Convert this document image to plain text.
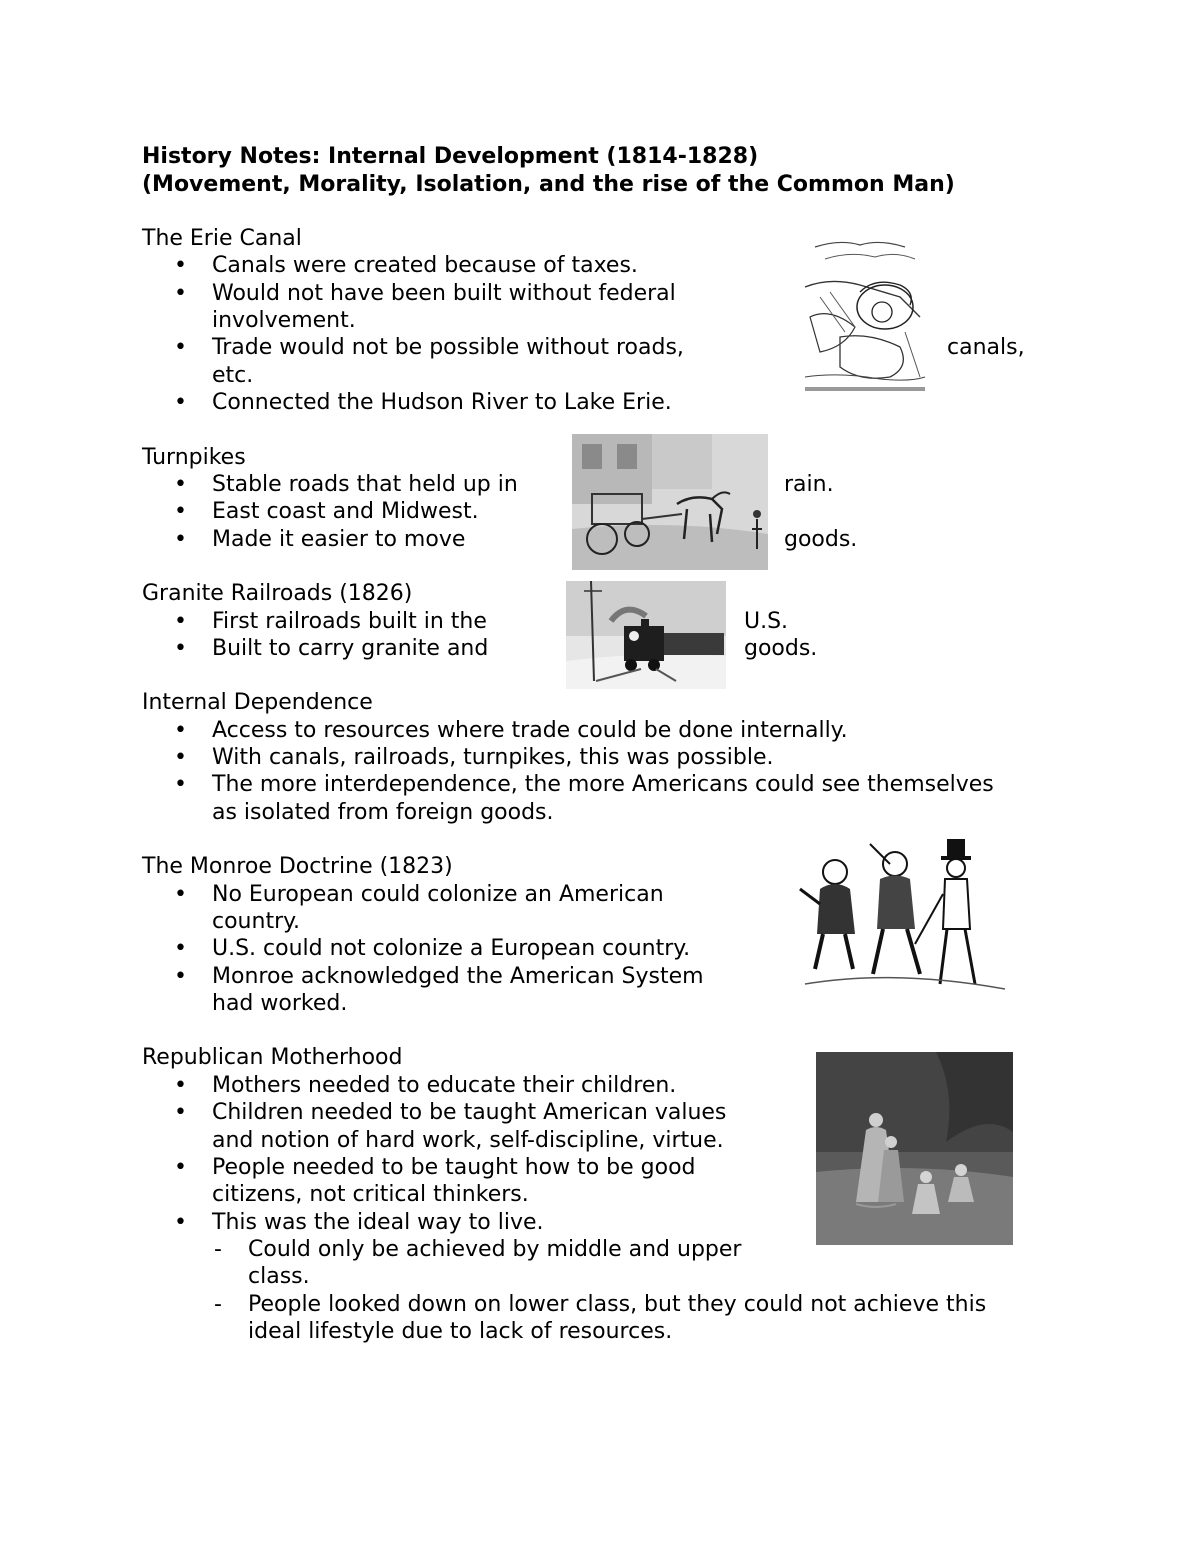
History Notes: Internal Development (1814-1828)
(Movement, Morality, Isolation, and the rise of the Common Man)
The Erie Canal
• Canals were created because of taxes.
• Would not have been built without federal
involvement.
• Trade would not be possible without roads,	canals,
etc.
• Connected the Hudson River to Lake Erie.
Turnpikes
• Stable roads that held up in	rain.
• East coast and Midwest.
• Made it easier to move	goods.
Granite Railroads (1826)
• First railroads built in the	U.S.
• Built to carry granite and	goods.
Internal Dependence
• Access to resources where trade could be done internally.
• With canals, railroads, turnpikes, this was possible.
• The more interdependence, the more Americans could see themselves
as isolated from foreign goods.
The Monroe Doctrine (1823)
• No European could colonize an American
country.
• U.S. could not colonize a European country.
• Monroe acknowledged the American System
had worked.
Republican Motherhood
• Mothers needed to educate their children.
• Children needed to be taught American values
and notion of hard work, self-discipline, virtue.
• People needed to be taught how to be good
citizens, not critical thinkers.
• This was the ideal way to live.
- Could only be achieved by middle and upper
class.
- People looked down on lower class, but they could not achieve this
ideal lifestyle due to lack of resources.
